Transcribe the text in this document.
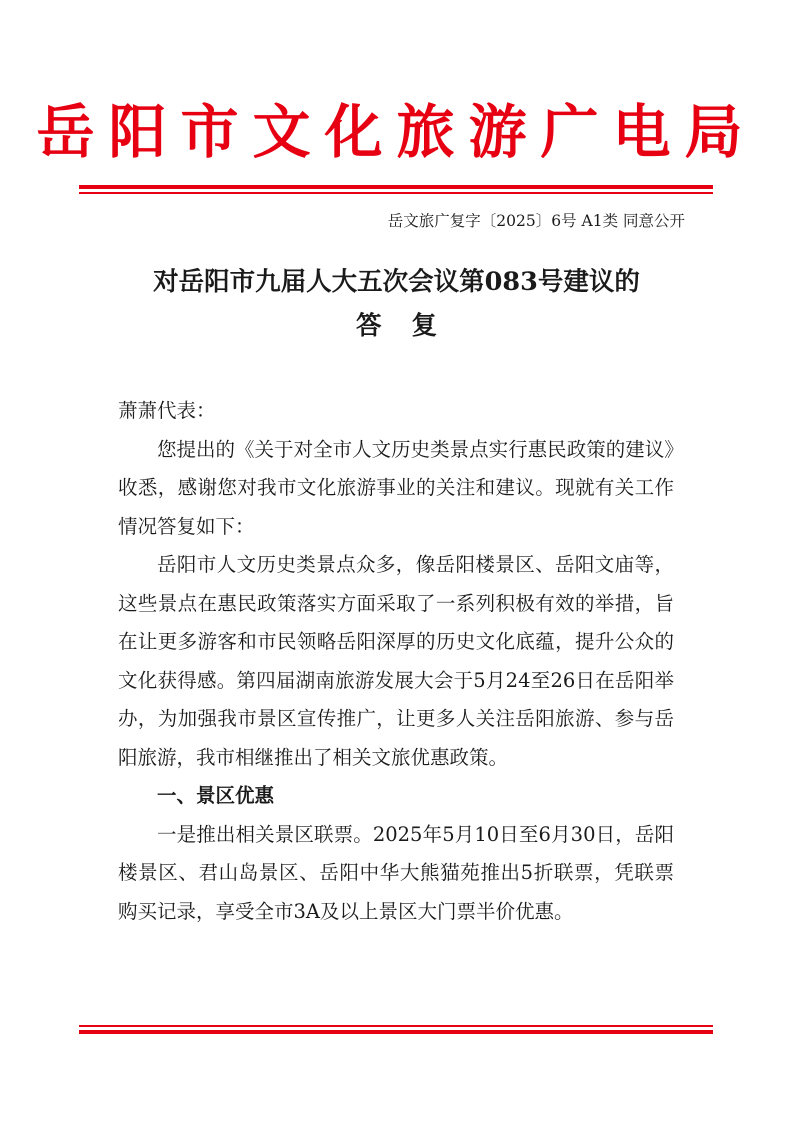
岳阳市文化旅游广电局
岳文旅广复字〔2025〕6号 A1类 同意公开
对岳阳市九届人大五次会议第083号建议的
答复

萧萧代表：

您提出的《关于对全市人文历史类景点实行惠民政策的建议》收悉，感谢您对我市文化旅游事业的关注和建议。现就有关工作情况答复如下：

岳阳市人文历史类景点众多，像岳阳楼景区、岳阳文庙等，这些景点在惠民政策落实方面采取了一系列积极有效的举措，旨在让更多游客和市民领略岳阳深厚的历史文化底蕴，提升公众的文化获得感。第四届湖南旅游发展大会于5月24至26日在岳阳举办，为加强我市景区宣传推广，让更多人关注岳阳旅游、参与岳阳旅游，我市相继推出了相关文旅优惠政策。

一、景区优惠

一是推出相关景区联票。2025年5月10日至6月30日，岳阳楼景区、君山岛景区、岳阳中华大熊猫苑推出5折联票，凭联票购买记录，享受全市3A及以上景区大门票半价优惠。
